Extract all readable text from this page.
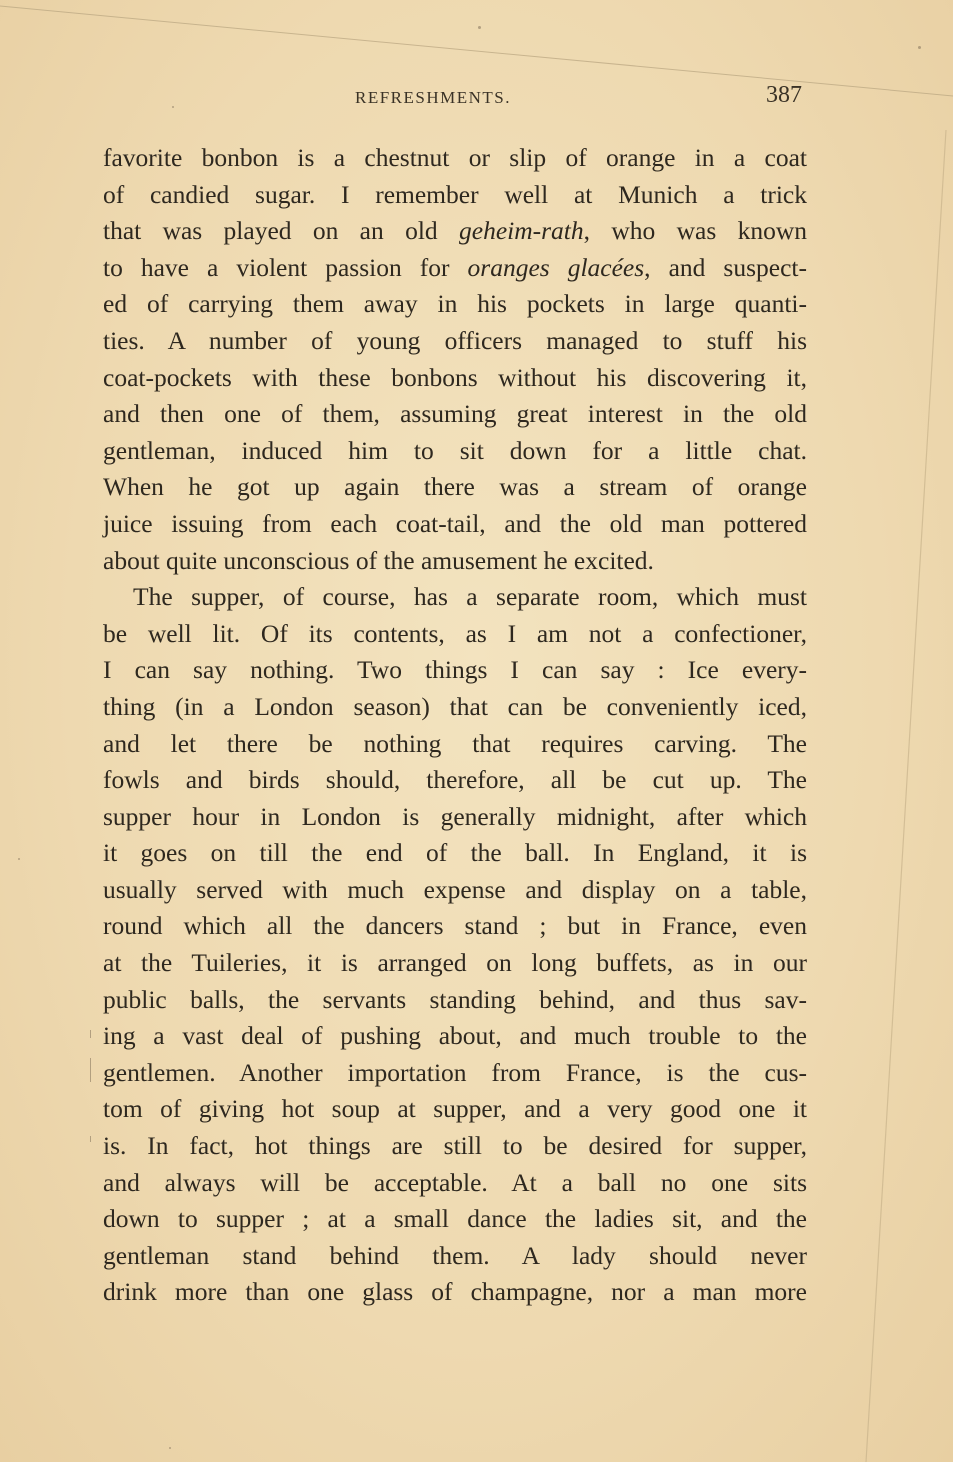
REFRESHMENTS.	387
favorite bonbon is a chestnut or slip of orange in a coat
of candied sugar. I remember well at Munich a trick
that was played on an old geheim-rath, who was known
to have a violent passion for oranges glacées, and suspect-
ed of carrying them away in his pockets in large quanti-
ties. A number of young officers managed to stuff his
coat-pockets with these bonbons without his discovering it,
and then one of them, assuming great interest in the old
gentleman, induced him to sit down for a little chat.
When he got up again there was a stream of orange
juice issuing from each coat-tail, and the old man pottered
about quite unconscious of the amusement he excited.
The supper, of course, has a separate room, which must
be well lit. Of its contents, as I am not a confectioner,
I can say nothing. Two things I can say : Ice every-
thing (in a London season) that can be conveniently iced,
and let there be nothing that requires carving. The
fowls and birds should, therefore, all be cut up. The
supper hour in London is generally midnight, after which
it goes on till the end of the ball. In England, it is
usually served with much expense and display on a table,
round which all the dancers stand ; but in France, even
at the Tuileries, it is arranged on long buffets, as in our
public balls, the servants standing behind, and thus sav-
ing a vast deal of pushing about, and much trouble to the
gentlemen. Another importation from France, is the cus-
tom of giving hot soup at supper, and a very good one it
is. In fact, hot things are still to be desired for supper,
and always will be acceptable. At a ball no one sits
down to supper ; at a small dance the ladies sit, and the
gentleman stand behind them. A lady should never
drink more than one glass of champagne, nor a man more
